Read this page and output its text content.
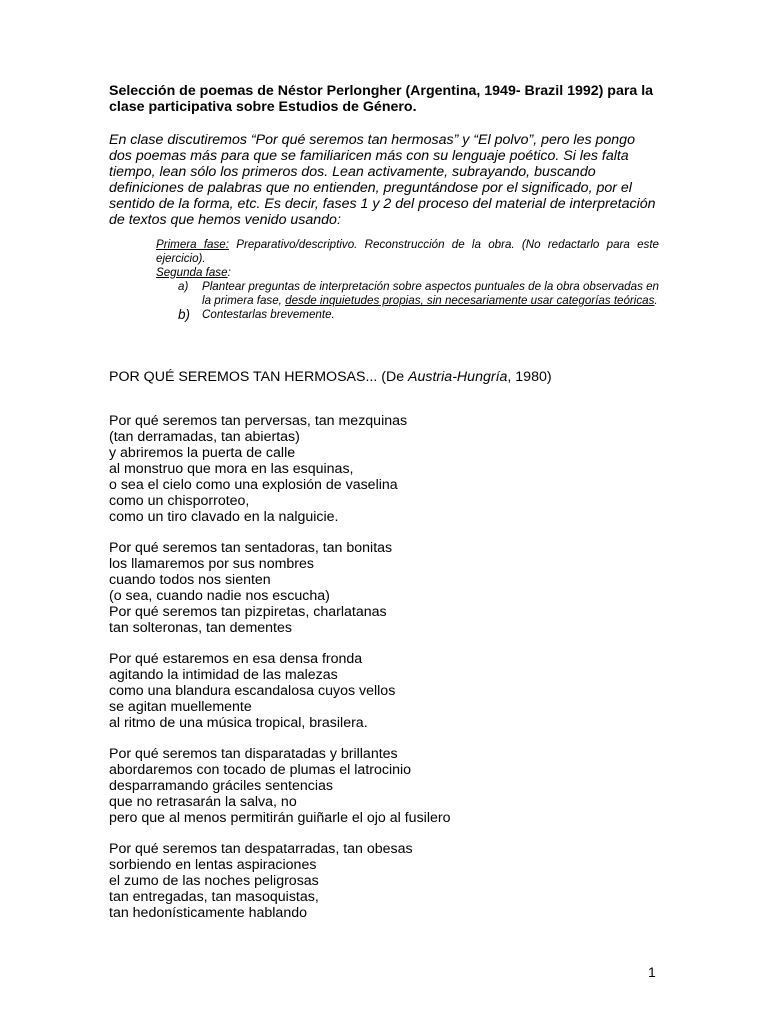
Selección de poemas de Néstor Perlongher (Argentina, 1949- Brazil 1992) para la
clase participativa sobre Estudios de Género.
En clase discutiremos “Por qué seremos tan hermosas” y “El polvo”, pero les pongo
dos poemas más para que se familiaricen más con su lenguaje poético. Si les falta
tiempo, lean sólo los primeros dos. Lean activamente, subrayando, buscando
definiciones de palabras que no entienden, preguntándose por el significado, por el
sentido de la forma, etc. Es decir, fases 1 y 2 del proceso del material de interpretación
de textos que hemos venido usando:
Primera fase: Preparativo/descriptivo. Reconstrucción de la obra. (No redactarlo para este ejercicio).
Segunda fase:
a)	Plantear preguntas de interpretación sobre aspectos puntuales de la obra observadas en la primera fase, desde inquietudes propias, sin necesariamente usar categorías teóricas.
b)	Contestarlas brevemente.
POR QUÉ SEREMOS TAN HERMOSAS... (De Austria-Hungría, 1980)
Por qué seremos tan perversas, tan mezquinas
(tan derramadas, tan abiertas)
y abriremos la puerta de calle
al monstruo que mora en las esquinas,
o sea el cielo como una explosión de vaselina
como un chisporroteo,
como un tiro clavado en la nalguicie.
Por qué seremos tan sentadoras, tan bonitas
los llamaremos por sus nombres
cuando todos nos sienten
(o sea, cuando nadie nos escucha)
Por qué seremos tan pizpiretas, charlatanas
tan solteronas, tan dementes
Por qué estaremos en esa densa fronda
agitando la intimidad de las malezas
como una blandura escandalosa cuyos vellos
se agitan muellemente
al ritmo de una música tropical, brasilera.
Por qué seremos tan disparatadas y brillantes
abordaremos con tocado de plumas el latrocinio
desparramando gráciles sentencias
que no retrasarán la salva, no
pero que al menos permitirán guiñarle el ojo al fusilero
Por qué seremos tan despatarradas, tan obesas
sorbiendo en lentas aspiraciones
el zumo de las noches peligrosas
tan entregadas, tan masoquistas,
tan hedonísticamente hablando
1
